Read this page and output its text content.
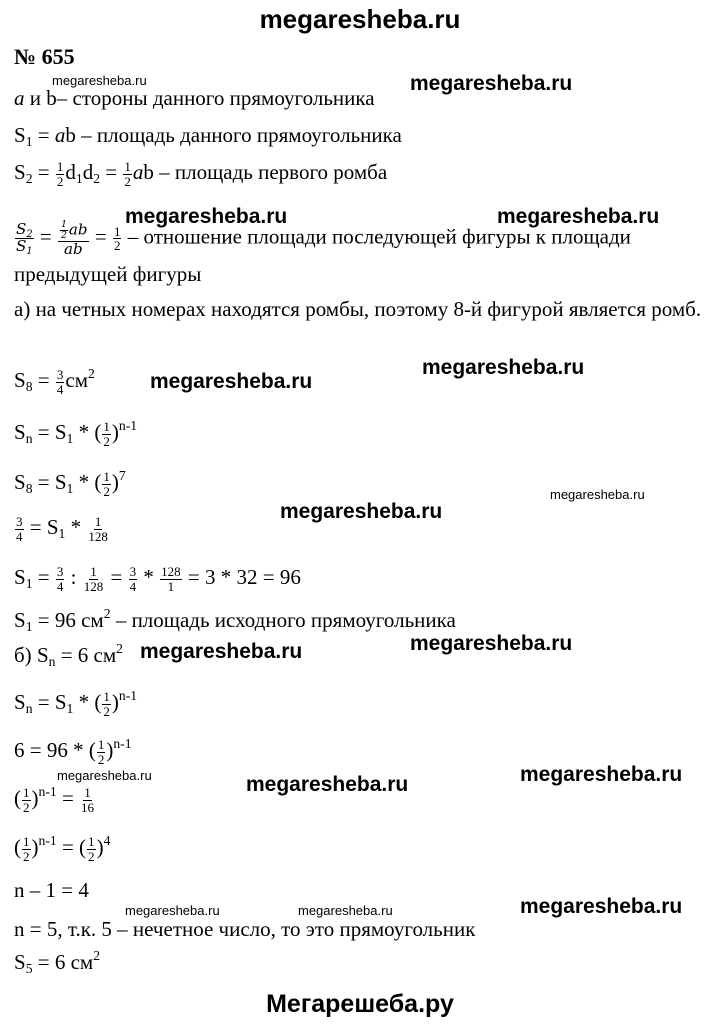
megaresheba.ru
№ 655
a и b– стороны данного прямоугольника
$S_1$ = ab – площадь данного прямоугольника
$S_2 = \frac{1}{2} d_1d_2 = \frac{1}{2}$ ab – площадь первого ромба
$\frac{S_2}{S_1} = \frac{\frac{1}{2} ab}{ab} = \frac{1}{2}$ – отношение площади последующей фигуры к площади предыдущей фигуры
а) на четных номерах находятся ромбы, поэтому 8-й фигурой является ромб.
$S_8 = \frac{3}{4} см^2$
$S_n = S_1$ * ( $\frac{1}{2} )^{n-1}$
$S_8 = S_1$ * ( $\frac{1}{2} )^7$
$\frac{3}{4} = S_1 * \frac{1}{128}$
$S_1 = \frac{3}{4}$ : $\frac{1}{128} = \frac{3}{4} * \frac{128}{1} = 3 * 32 = 96$
$S_1 = 96$ $см^2$ – площадь исходного прямоугольника
б) $S_n = 6$ $см^2$
$S_n = S_1$ * ( $\frac{1}{2} )^{n-1}$
6 = 96 * ( $\frac{1}{2} )^{n-1}$
( $\frac{1}{2} )^{n-1} = \frac{1}{16}$
( $\frac{1}{2} )^{n-1}$ = ( $\frac{1}{2} )^4$
n – 1 = 4
n = 5, т.к. 5 – нечетное число, то это прямоугольник
$S_5 = 6$ $см^2$
megaresheba.ru	megaresheba.ru
megaresheba.ru	megaresheba.ru
megaresheba.ru
megaresheba.ru
megaresheba.ru
megaresheba.ru
megaresheba.ru
megaresheba.ru
megaresheba.ru	megaresheba.ru	megaresheba.ru
megaresheba.ru	megaresheba.ru	megaresheba.ru
Мегарешеба.ру
